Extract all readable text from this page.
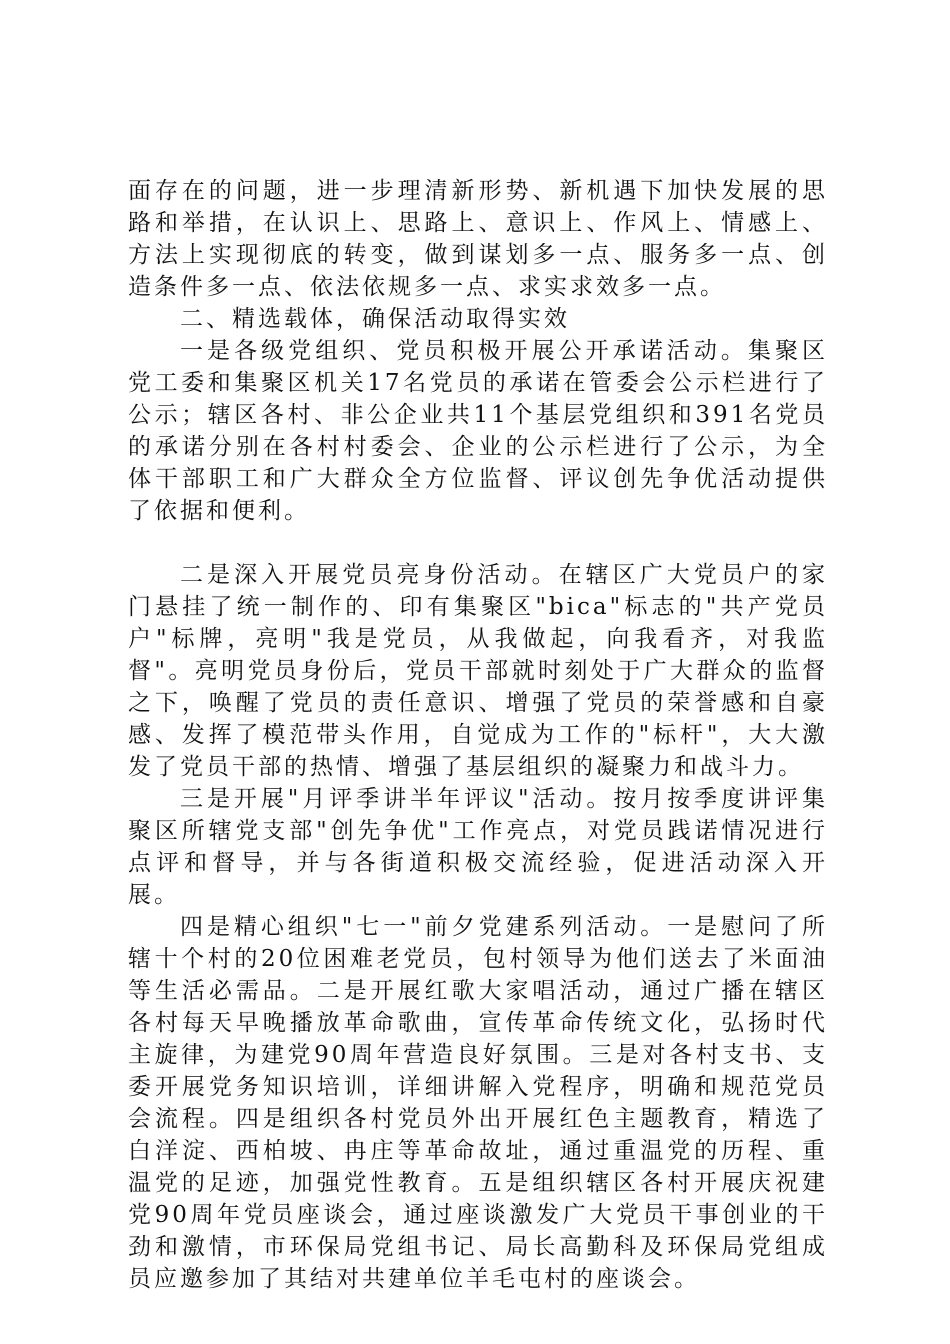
面存在的问题，进一步理清新形势、新机遇下加快发展的思路和举措，在认识上、思路上、意识上、作风上、情感上、方法上实现彻底的转变，做到谋划多一点、服务多一点、创造条件多一点、依法依规多一点、求实求效多一点。

二、精选载体，确保活动取得实效

一是各级党组织、党员积极开展公开承诺活动。集聚区党工委和集聚区机关17名党员的承诺在管委会公示栏进行了公示；辖区各村、非公企业共11个基层党组织和391名党员的承诺分别在各村村委会、企业的公示栏进行了公示，为全体干部职工和广大群众全方位监督、评议创先争优活动提供了依据和便利。

二是深入开展党员亮身份活动。在辖区广大党员户的家门悬挂了统一制作的、印有集聚区"bica"标志的"共产党员户"标牌，亮明"我是党员，从我做起，向我看齐，对我监督"。亮明党员身份后，党员干部就时刻处于广大群众的监督之下，唤醒了党员的责任意识、增强了党员的荣誉感和自豪感、发挥了模范带头作用，自觉成为工作的"标杆"，大大激发了党员干部的热情、增强了基层组织的凝聚力和战斗力。

三是开展"月评季讲半年评议"活动。按月按季度讲评集聚区所辖党支部"创先争优"工作亮点，对党员践诺情况进行点评和督导，并与各街道积极交流经验，促进活动深入开展。

四是精心组织"七一"前夕党建系列活动。一是慰问了所辖十个村的20位困难老党员，包村领导为他们送去了米面油等生活必需品。二是开展红歌大家唱活动，通过广播在辖区各村每天早晚播放革命歌曲，宣传革命传统文化，弘扬时代主旋律，为建党90周年营造良好氛围。三是对各村支书、支委开展党务知识培训，详细讲解入党程序，明确和规范党员会流程。四是组织各村党员外出开展红色主题教育，精选了白洋淀、西柏坡、冉庄等革命故址，通过重温党的历程、重温党的足迹，加强党性教育。五是组织辖区各村开展庆祝建党90周年党员座谈会，通过座谈激发广大党员干事创业的干劲和激情，市环保局党组书记、局长高勤科及环保局党组成员应邀参加了其结对共建单位羊毛屯村的座谈会。
